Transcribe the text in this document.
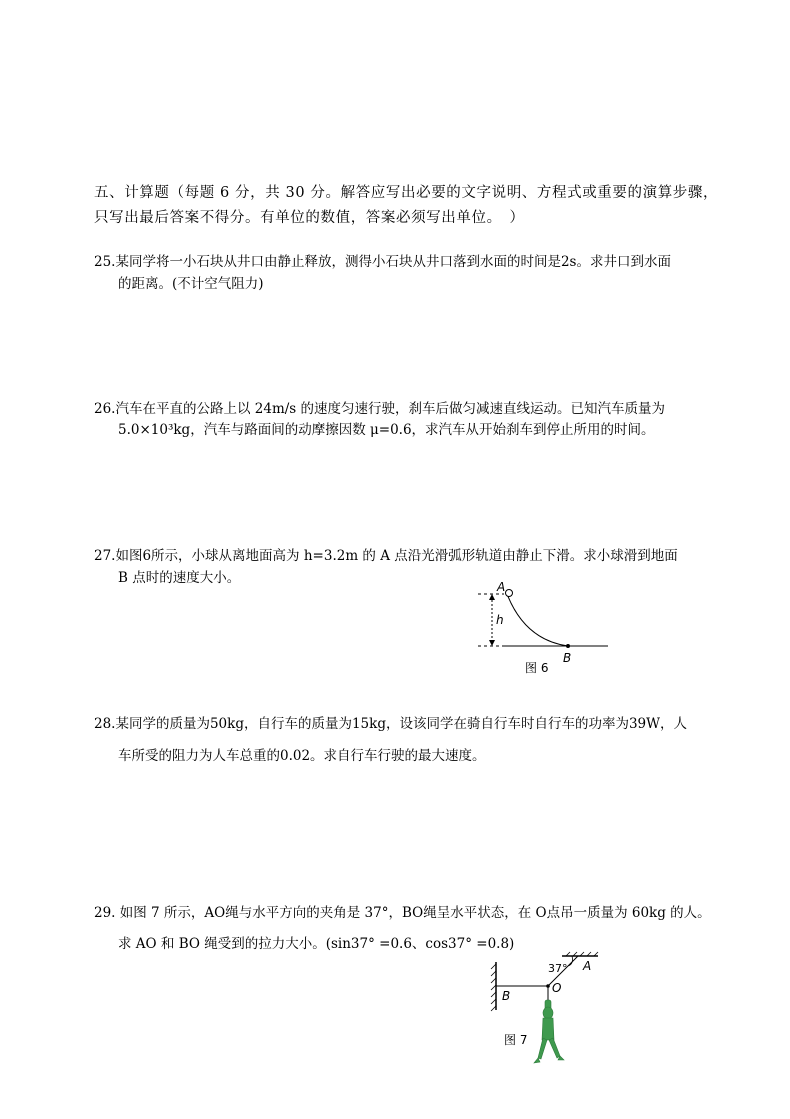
五、计算题（每题 6 分，共 30 分。解答应写出必要的文字说明、方程式或重要的演算步骤，
只写出最后答案不得分。有单位的数值，答案必须写出单位。　）
25.某同学将一小石块从井口由静止释放，测得小石块从井口落到水面的时间是2s。求井口到水面
的距离。(不计空气阻力)
26.汽车在平直的公路上以 24m/s 的速度匀速行驶，刹车后做匀减速直线运动。已知汽车质量为
5.0×10³kg，汽车与路面间的动摩擦因数 μ=0.6，求汽车从开始刹车到停止所用的时间。
27.如图6所示，小球从离地面高为 h=3.2m 的 A 点沿光滑弧形轨道由静止下滑。求小球滑到地面
B 点时的速度大小。
A
h
B
图 6
28.某同学的质量为50kg，自行车的质量为15kg，设该同学在骑自行车时自行车的功率为39W，人
车所受的阻力为人车总重的0.02。求自行车行驶的最大速度。
29. 如图 7 所示，AO绳与水平方向的夹角是 37°，BO绳呈水平状态，在 O点吊一质量为 60kg 的人。
求 AO 和 BO 绳受到的拉力大小。(sin37° =0.6、cos37° =0.8)
37° A
B
O
图 7
